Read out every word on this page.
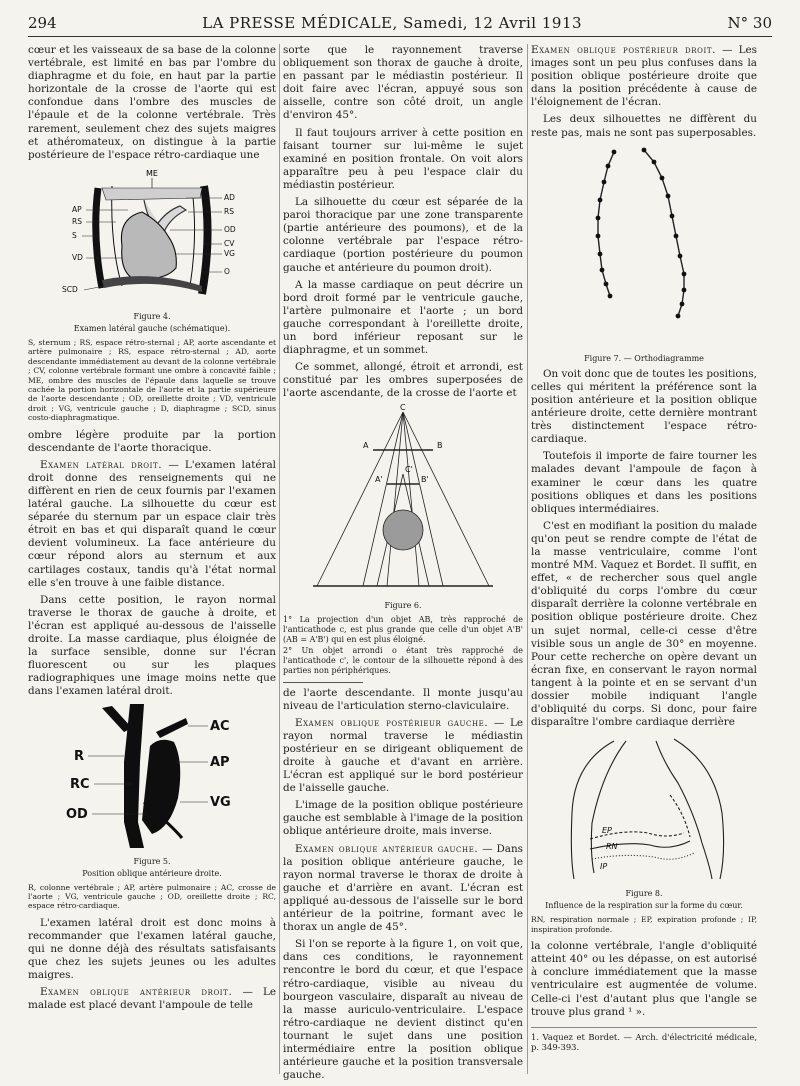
294	LA PRESSE MÉDICALE, Samedi, 12 Avril 1913	N° 30

cœur et les vaisseaux de sa base de la colonne vertébrale, est limité en bas par l'ombre du diaphragme et du foie, en haut par la partie horizontale de la crosse de l'aorte qui est confondue dans l'ombre des muscles de l'épaule et de la colonne vertébrale. Très rarement, seulement chez des sujets maigres et athéromateux, on distingue à la partie postérieure de l'espace rétro-cardiaque une

ME
AP
RS
S
VD
SCD
AD
RS
OD
CV
VG
O
Figure 4.
Examen latéral gauche (schématique).
S, sternum ; RS, espace rétro-sternal ; AP, aorte ascendante et artère pulmonaire ; RS, espace rétro-sternal ; AD, aorte descendante immédiatement au devant de la colonne vertébrale ; CV, colonne vertébrale formant une ombre à concavité faible ; ME, ombre des muscles de l'épaule dans laquelle se trouve cachée la portion horizontale de l'aorte et la partie supérieure de l'aorte descendante ; OD, oreillette droite ; VD, ventricule droit ; VG, ventricule gauche ; D, diaphragme ; SCD, sinus costo-diaphragmatique.

ombre légère produite par la portion descendante de l'aorte thoracique.

Examen latéral droit. — L'examen latéral droit donne des renseignements qui ne diffèrent en rien de ceux fournis par l'examen latéral gauche. La silhouette du cœur est séparée du sternum par un espace clair très étroit en bas et qui disparaît quand le cœur devient volumineux. La face antérieure du cœur répond alors au sternum et aux cartilages costaux, tandis qu'à l'état normal elle s'en trouve à une faible distance.

Dans cette position, le rayon normal traverse le thorax de gauche à droite, et l'écran est appliqué au-dessous de l'aisselle droite. La masse cardiaque, plus éloignée de la surface sensible, donne sur l'écran fluorescent ou sur les plaques radiographiques une image moins nette que dans l'examen latéral droit.

R
RC
OD
AC
AP
VG
Figure 5.
Position oblique antérieure droite.
R, colonne vertébrale ; AP, artère pulmonaire ; AC, crosse de l'aorte ; VG, ventricule gauche ; OD, oreillette droite ; RC, espace rétro-cardiaque.

L'examen latéral droit est donc moins à recommander que l'examen latéral gauche, qui ne donne déjà des résultats satisfaisants que chez les sujets jeunes ou les adultes maigres.

Examen oblique antérieur droit. — Le malade est placé devant l'ampoule de telle

sorte que le rayonnement traverse obliquement son thorax de gauche à droite, en passant par le médiastin postérieur. Il doit faire avec l'écran, appuyé sous son aisselle, contre son côté droit, un angle d'environ 45°.

Il faut toujours arriver à cette position en faisant tourner sur lui-même le sujet examiné en position frontale. On voit alors apparaître peu à peu l'espace clair du médiastin postérieur.

La silhouette du cœur est séparée de la paroi thoracique par une zone transparente (partie antérieure des poumons), et de la colonne vertébrale par l'espace rétro-cardiaque (portion postérieure du poumon gauche et antérieure du poumon droit).

A la masse cardiaque on peut décrire un bord droit formé par le ventricule gauche, l'artère pulmonaire et l'aorte ; un bord gauche correspondant à l'oreillette droite, un bord inférieur reposant sur le diaphragme, et un sommet.

Ce sommet, allongé, étroit et arrondi, est constitué par les ombres superposées de l'aorte ascendante, de la crosse de l'aorte et

C
A	B
A'	B'
C'
Figure 6.
1° La projection d'un objet AB, très rapproché de l'anticathode c, est plus grande que celle d'un objet A'B' (AB = A'B') qui en est plus éloigné.
2° Un objet arrondi o étant très rapproché de l'anticathode c', le contour de la silhouette répond à des parties non périphériques.

de l'aorte descendante. Il monte jusqu'au niveau de l'articulation sterno-claviculaire.

Examen oblique postérieur gauche. — Le rayon normal traverse le médiastin postérieur en se dirigeant obliquement de droite à gauche et d'avant en arrière. L'écran est appliqué sur le bord postérieur de l'aisselle gauche.

L'image de la position oblique postérieure gauche est semblable à l'image de la position oblique antérieure droite, mais inverse.

Examen oblique antérieur gauche. — Dans la position oblique antérieure gauche, le rayon normal traverse le thorax de droite à gauche et d'arrière en avant. L'écran est appliqué au-dessous de l'aisselle sur le bord antérieur de la poitrine, formant avec le thorax un angle de 45°.

Si l'on se reporte à la figure 1, on voit que, dans ces conditions, le rayonnement rencontre le bord du cœur, et que l'espace rétro-cardiaque, visible au niveau du bourgeon vasculaire, disparaît au niveau de la masse auriculo-ventriculaire. L'espace rétro-cardiaque ne devient distinct qu'en tournant le sujet dans une position intermédiaire entre la position oblique antérieure gauche et la position transversale gauche.

Examen oblique postérieur droit. — Les images sont un peu plus confuses dans la position oblique postérieure droite que dans la position précédente à cause de l'éloignement de l'écran.

Les deux silhouettes ne diffèrent du reste pas, mais ne sont pas superposables.

Figure 7. — Orthodiagramme

On voit donc que de toutes les positions, celles qui méritent la préférence sont la position antérieure et la position oblique antérieure droite, cette dernière montrant très distinctement l'espace rétro-cardiaque.

Toutefois il importe de faire tourner les malades devant l'ampoule de façon à examiner le cœur dans les quatre positions obliques et dans les positions obliques intermédiaires.

C'est en modifiant la position du malade qu'on peut se rendre compte de l'état de la masse ventriculaire, comme l'ont montré MM. Vaquez et Bordet. Il suffit, en effet, « de rechercher sous quel angle d'obliquité du corps l'ombre du cœur disparaît derrière la colonne vertébrale en position oblique postérieure droite. Chez un sujet normal, celle-ci cesse d'être visible sous un angle de 30° en moyenne. Pour cette recherche on opère devant un écran fixe, en conservant le rayon normal tangent à la pointe et en se servant d'un dossier mobile indiquant l'angle d'obliquité du corps. Si donc, pour faire disparaître l'ombre cardiaque derrière

EP
RN
IP
Figure 8.
Influence de la respiration sur la forme du cœur.
RN, respiration normale ; EP, expiration profonde ; IP, inspiration profonde.

la colonne vertébrale, l'angle d'obliquité atteint 40° ou les dépasse, on est autorisé à conclure immédiatement que la masse ventriculaire est augmentée de volume. Celle-ci l'est d'autant plus que l'angle se trouve plus grand ¹ ».

1. Vaquez et Bordet. — Arch. d'électricité médicale, p. 349-393.
